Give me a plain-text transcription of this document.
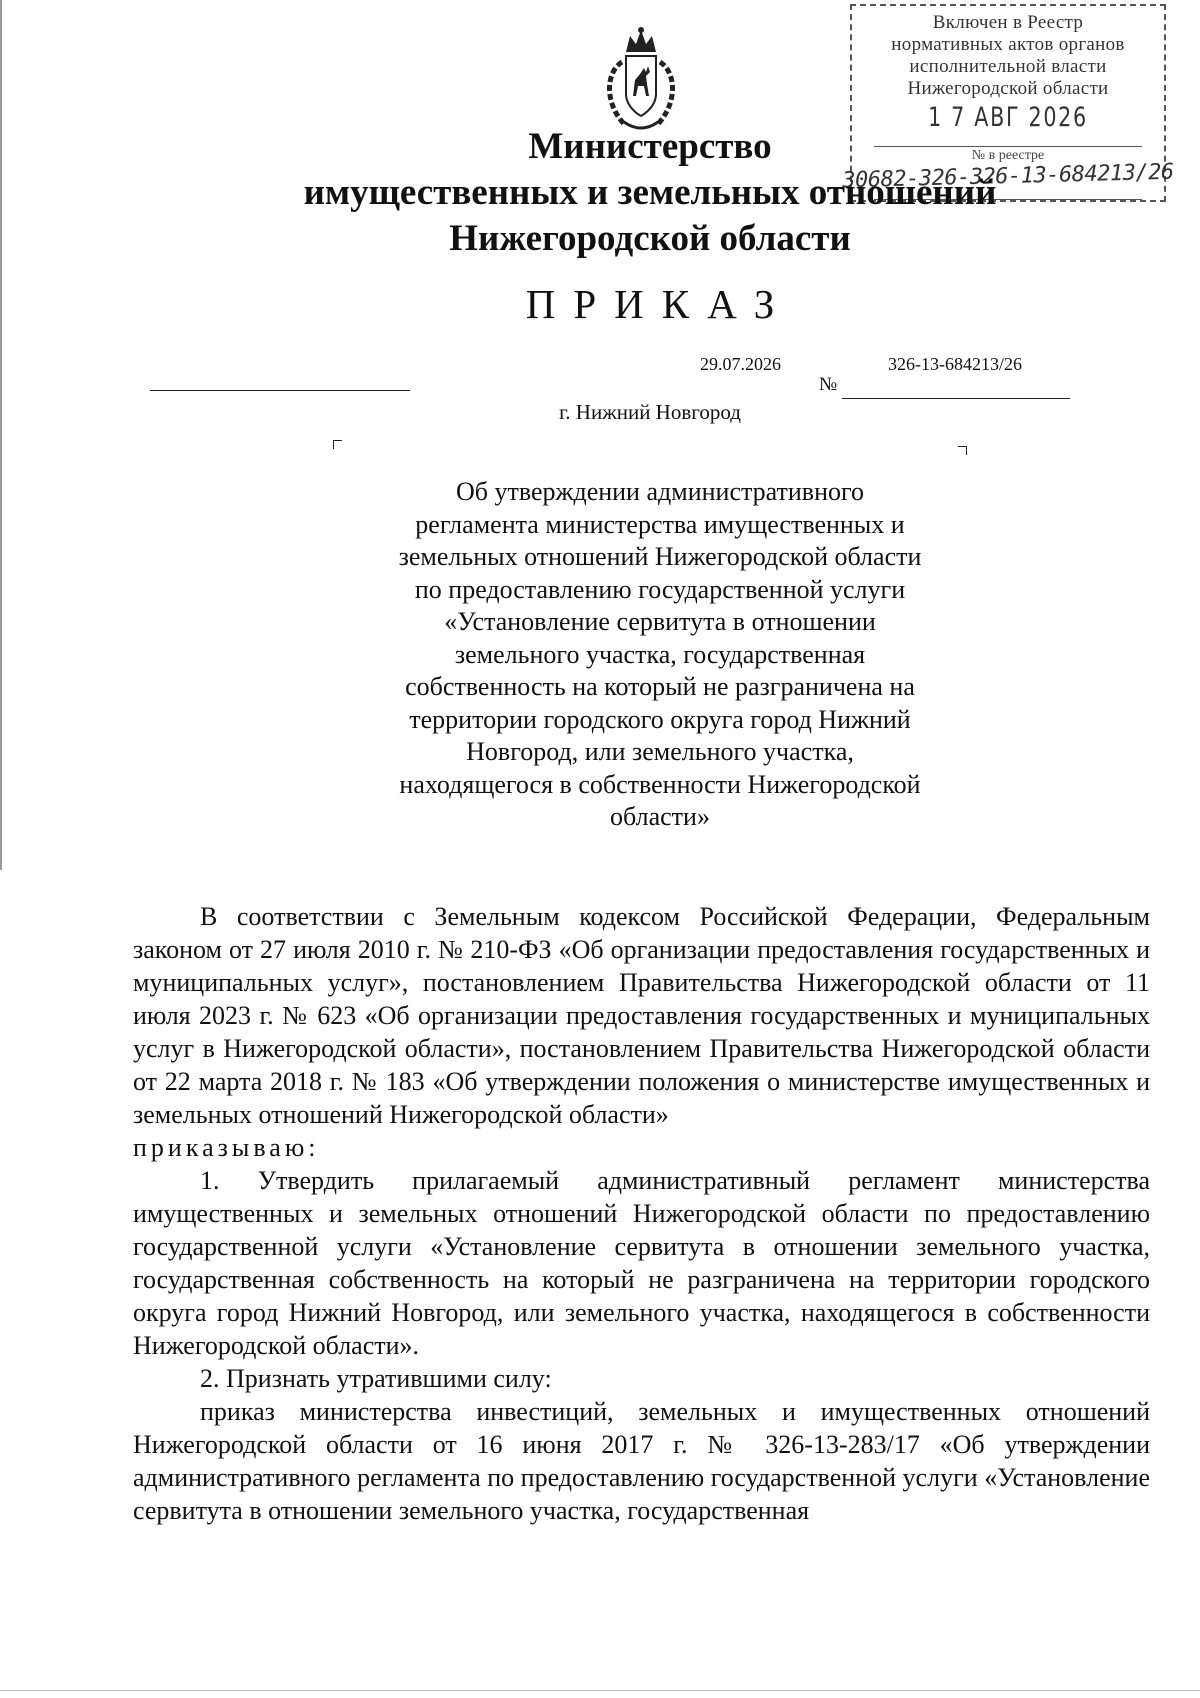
Включен в Реестр
нормативных актов органов
исполнительной власти
Нижегородской области
1 7 АВГ 2026
№ в реестре
30682-326-326-13-684213/26
Министерство
имущественных и земельных отношений
Нижегородской области
ПРИКАЗ
29.07.2026	326-13-684213/26
№
г. Нижний Новгород
Об утверждении административного
регламента министерства имущественных и
земельных отношений Нижегородской области
по предоставлению государственной услуги
«Установление сервитута в отношении
земельного участка, государственная
собственность на который не разграничена на
территории городского округа город Нижний
Новгород, или земельного участка,
находящегося в собственности Нижегородской
области»

В соответствии с Земельным кодексом Российской Федерации, Федеральным законом от 27 июля 2010 г. № 210-ФЗ «Об организации предоставления государственных и муниципальных услуг», постановлением Правительства Нижегородской области от 11 июля 2023 г. № 623 «Об организации предоставления государственных и муниципальных услуг в Нижегородской области», постановлением Правительства Нижегородской области от 22 марта 2018 г. № 183 «Об утверждении положения о министерстве имущественных и земельных отношений Нижегородской области»

приказываю:

1. Утвердить прилагаемый административный регламент министерства имущественных и земельных отношений Нижегородской области по предоставлению государственной услуги «Установление сервитута в отношении земельного участка, государственная собственность на который не разграничена на территории городского округа город Нижний Новгород, или земельного участка, находящегося в собственности Нижегородской области».

2. Признать утратившими силу:

приказ министерства инвестиций, земельных и имущественных отношений Нижегородской области от 16 июня 2017 г. № 326-13-283/17 «Об утверждении административного регламента по предоставлению государственной услуги «Установление сервитута в отношении земельного участка, государственная
